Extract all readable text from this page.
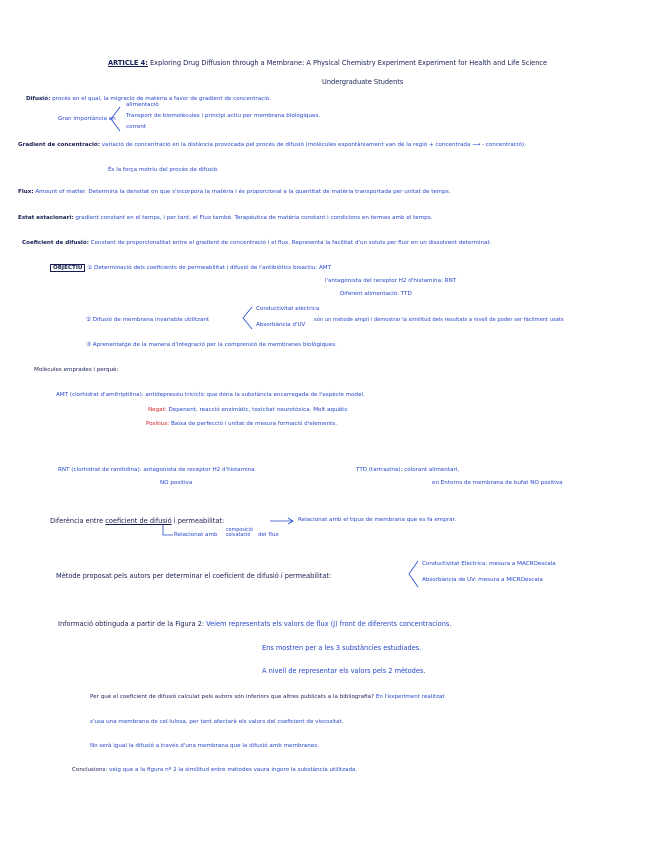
ARTICLE 4: Exploring Drug Diffusion through a Membrane: A Physical Chemistry Experiment Experiment for Health and Life Science
Undergraduate Students
Difusió: procés en el qual, la migració de matèria a favor de gradient de concentració.
Gran importància en
alimentació
Transport de biomolècules i principi actiu per membrana biològiques.
corrent
Gradient de concentració: variació de concentració en la distància provocada pel procés de difusió (molècules espontàniament van de la regió + concentrada ⟶ - concentració).
És la força motriu del procés de difusió.
Flux: Amount of matter. Determina la densitat on que s'incorpora la matèria i és proporcional a la quantitat de matèria transportada per unitat de temps.
Estat estacionari: gradient constant en el temps, i per tant, el Flux també. Terapèutica de matèria constant i condicions en termes amb el temps.
Coeficient de difusió: Constant de proporcionalitat entre el gradient de concentració i el flux. Representa la facilitat d'un soluts per fluir en un dissolvent determinat.
OBJECTIU ① Determinació dels coeficients de permeabilitat i difusió de l'antibiòtics bioactiu: AMT
l'antagonista del receptor H2 d'histamina: RNT
Diferent alimentació: TTD
② Difusió de membrana invariable utilitzant
Conductivitat elèctrica
Absorbància d'UV
són un mètode ampli i demostrar la similitud dels resultats a nivell de poder ser fàcilment usats
③ Aprenentatge de la manera d'integració per la comprensió de membranes biològiques.
Molècules emprades i perquè:
AMT (clorhidrat d'amitriptilina): antidepressiu tricíclic que dóna la substància encarregada de l'espècie model.
Negat: Depenent, reacció enzimàtic, toxicitat neurotòxica. Molt aquàtic
Positius: Baixa de perfecció i unitat de mesura formació d'elements.
RNT (clorhidrat de ranitidina): antagonista de receptor H2 d'histamina
NO positiva
TTD (tartrazina): colorant alimentari,
en Entorns de membrana de bufat NO positiva
Diferència entre coeficient de difusió i permeabilitat:	Relacionat amb el tipus de membrana que es fa emprar.
Relacionat amb
composició solvatació	del flux
Mètode proposat pels autors per determinar el coeficient de difusió i permeabilitat:
Conductivitat Elèctrica: mesura a MACROescala
Absorbància de UV: mesura a MICROescala
Informació obtinguda a partir de la Figura 2: Veiem representats els valors de flux (J) front de diferents concentracions.
Ens mostren per a les 3 substàncies estudiades.
A nivell de representar els valors pels 2 mètodes.
Per què el coeficient de difusió calculat pels autors són inferiors que altres publicats a la bibliografia? En l'experiment realitzat
s'usa una membrana de cel·lulosa, per tant afectarà els valors del coeficient de viscositat.
No serà igual la difusió a través d'una membrana que la difusió amb membranes.
Conclusions: veig que a la figura nº 2 la similitud entre mètodes vaura ingoro la substància utilitzada.
